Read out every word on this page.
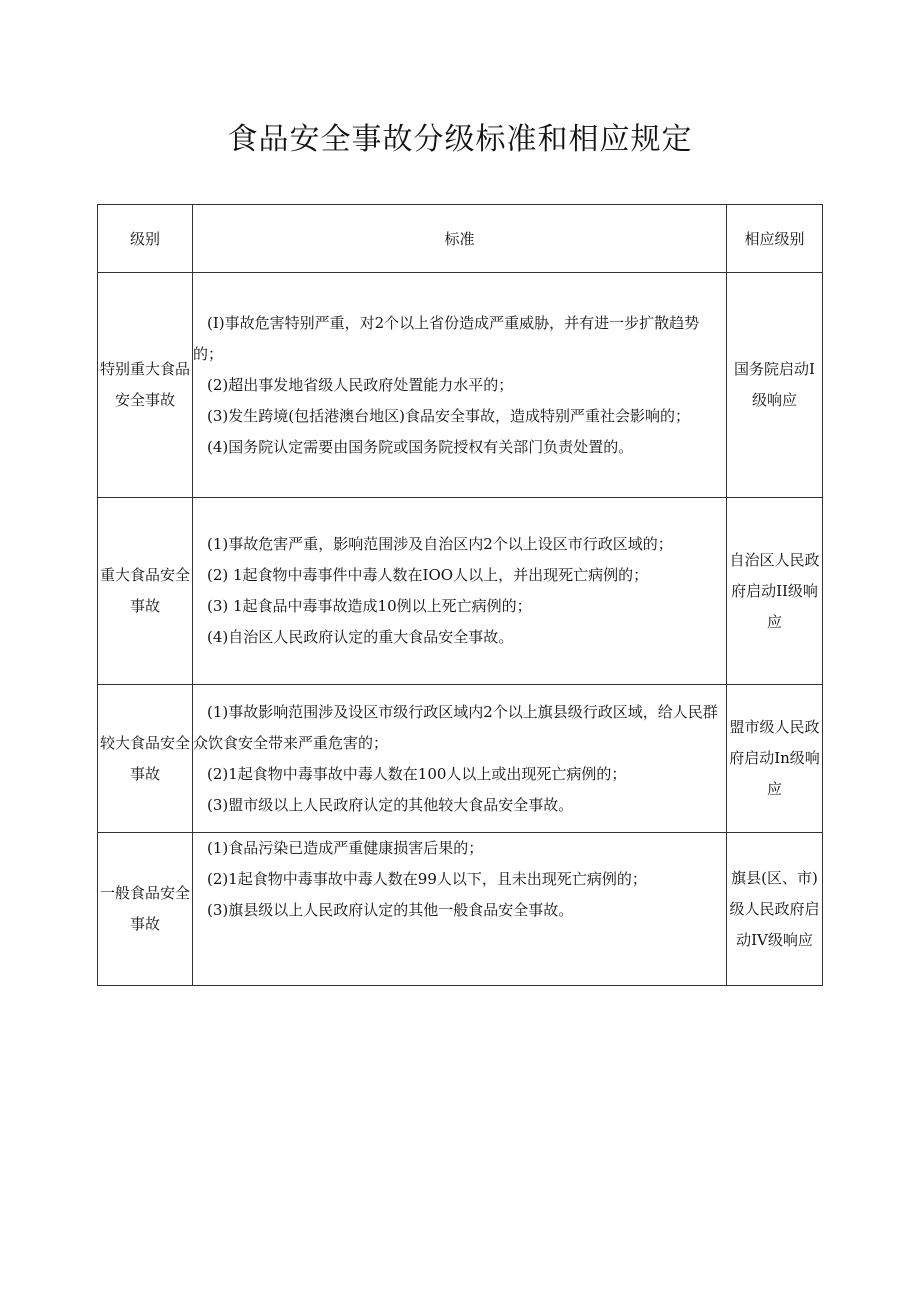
食品安全事故分级标准和相应规定
级别	标准	相应级别
特别重大食品安全事故	(I)事故危害特别严重，对2个以上省份造成严重威胁，并有进一步扩散趋势的；

(2)超出事发地省级人民政府处置能力水平的；

(3)发生跨境(包括港澳台地区)食品安全事故，造成特别严重社会影响的；

(4)国务院认定需要由国务院或国务院授权有关部门负责处置的。	国务院启动I级响应
重大食品安全事故	(1)事故危害严重，影响范围涉及自治区内2个以上设区市行政区域的；

(2) 1起食物中毒事件中毒人数在IOO人以上，并出现死亡病例的；

(3) 1起食品中毒事故造成10例以上死亡病例的；

(4)自治区人民政府认定的重大食品安全事故。	自治区人民政府启动II级响应
较大食品安全事故	(1)事故影响范围涉及设区市级行政区域内2个以上旗县级行政区域，给人民群众饮食安全带来严重危害的；

(2)1起食物中毒事故中毒人数在100人以上或出现死亡病例的；

(3)盟市级以上人民政府认定的其他较大食品安全事故。	盟市级人民政府启动In级响应
一般食品安全事故	(1)食品污染已造成严重健康损害后果的；

(2)1起食物中毒事故中毒人数在99人以下，且未出现死亡病例的；

(3)旗县级以上人民政府认定的其他一般食品安全事故。	旗县(区、市)级人民政府启动IV级响应
